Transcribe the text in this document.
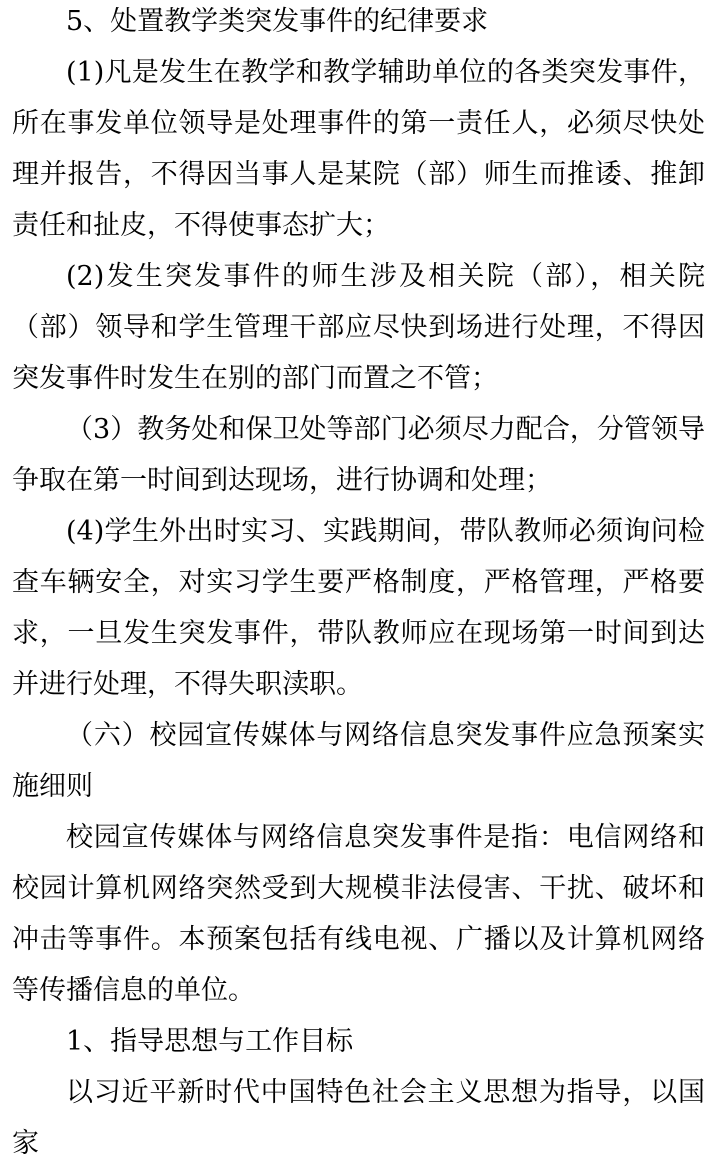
5、处置教学类突发事件的纪律要求

(1)凡是发生在教学和教学辅助单位的各类突发事件，所在事发单位领导是处理事件的第一责任人，必须尽快处理并报告，不得因当事人是某院（部）师生而推诿、推卸责任和扯皮，不得使事态扩大；

(2)发生突发事件的师生涉及相关院（部），相关院（部）领导和学生管理干部应尽快到场进行处理，不得因突发事件时发生在别的部门而置之不管；

（3）教务处和保卫处等部门必须尽力配合，分管领导争取在第一时间到达现场，进行协调和处理；

(4)学生外出时实习、实践期间，带队教师必须询问检查车辆安全，对实习学生要严格制度，严格管理，严格要求，一旦发生突发事件，带队教师应在现场第一时间到达并进行处理，不得失职渎职。

（六）校园宣传媒体与网络信息突发事件应急预案实施细则

校园宣传媒体与网络信息突发事件是指：电信网络和校园计算机网络突然受到大规模非法侵害、干扰、破坏和冲击等事件。本预案包括有线电视、广播以及计算机网络等传播信息的单位。

1、指导思想与工作目标

以习近平新时代中国特色社会主义思想为指导，以国家
